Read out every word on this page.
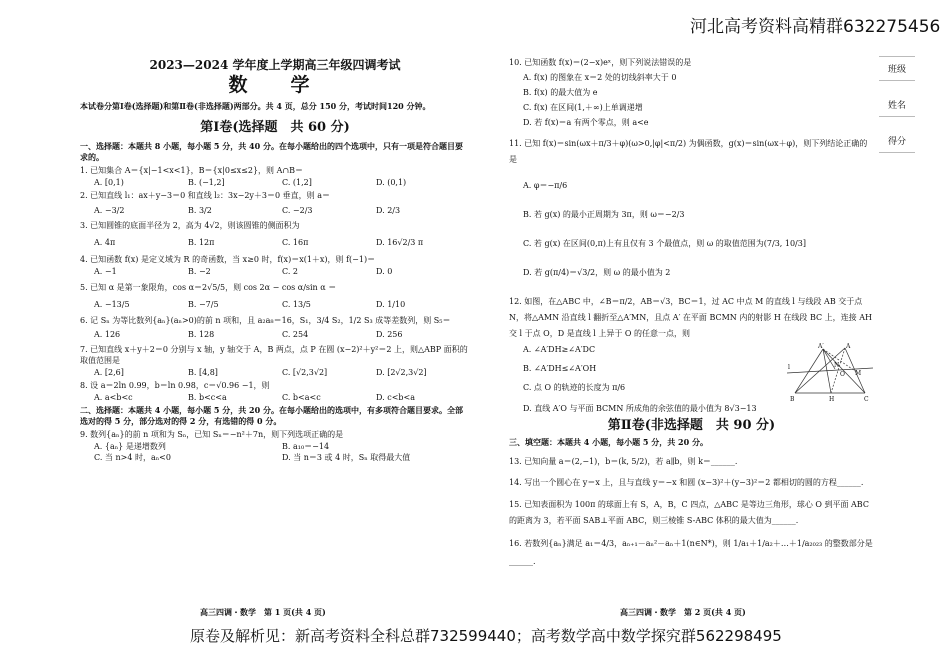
河北高考资料高精群632275456
2023—2024 学年度上学期高三年级四调考试
数　学
本试卷分第Ⅰ卷(选择题)和第Ⅱ卷(非选择题)两部分。共 4 页，总分 150 分，考试时间120 分钟。
第Ⅰ卷(选择题　共 60 分)
一、选择题：本题共 8 小题，每小题 5 分，共 40 分。在每小题给出的四个选项中，只有一项是符合题目要求的。
1. 已知集合 A＝{x|−1<x<1}，B＝{x|0≤x≤2}，则 A∩B＝
A. [0,1)	B. (−1,2]	C. (1,2]	D. (0,1)
2. 已知直线 l₁：ax＋y−3＝0 和直线 l₂：3x−2y＋3＝0 垂直，则 a＝
A. −3/2	B. 3/2	C. −2/3	D. 2/3
3. 已知圆锥的底面半径为 2，高为 4√2，则该圆锥的侧面积为
A. 4π	B. 12π	C. 16π	D. 16√2/3 π
4. 已知函数 f(x) 是定义域为 R 的奇函数，当 x≥0 时，f(x)＝x(1＋x)，则 f(−1)＝
A. −1	B. −2	C. 2	D. 0
5. 已知 α 是第一象限角，cos α＝2√5/5，则 cos 2α − cos α/sin α ＝
A. −13/5	B. −7/5	C. 13/5	D. 1/10
6. 记 Sₙ 为等比数列{aₙ}(aₙ>0)的前 n 项和，且 a₂a₈＝16，S₁，3/4 S₂，1/2 S₃ 成等差数列，则 S₅＝
A. 126	B. 128	C. 254	D. 256
7. 已知直线 x＋y＋2＝0 分别与 x 轴，y 轴交于 A，B 两点，点 P 在圆 (x−2)²＋y²＝2 上，则△ABP 面积的取值范围是
A. [2,6]	B. [4,8]	C. [√2,3√2]	D. [2√2,3√2]
8. 设 a＝2ln 0.99，b＝ln 0.98，c＝√0.96 −1，则
A. a<b<c	B. b<c<a	C. b<a<c	D. c<b<a
二、选择题：本题共 4 小题，每小题 5 分，共 20 分。在每小题给出的选项中，有多项符合题目要求。全部选对的得 5 分，部分选对的得 2 分，有选错的得 0 分。
9. 数列{aₙ}的前 n 项和为 Sₙ，已知 Sₙ＝−n²＋7n，则下列选项正确的是
A. {aₙ} 是递增数列	B. a₁₀＝−14
C. 当 n>4 时，aₙ<0	D. 当 n＝3 或 4 时，Sₙ 取得最大值
高三四调・数学　第 1 页(共 4 页)
10. 已知函数 f(x)＝(2−x)eˣ，则下列说法错误的是
A. f(x) 的图象在 x＝2 处的切线斜率大于 0
B. f(x) 的最大值为 e
C. f(x) 在区间(1,＋∞)上单调递增
D. 若 f(x)＝a 有两个零点，则 a<e
11. 已知 f(x)＝sin(ωx＋π/3＋φ)(ω>0,|φ|<π/2) 为偶函数，g(x)＝sin(ωx＋φ)，则下列结论正确的是
A. φ＝−π/6
B. 若 g(x) 的最小正周期为 3π，则 ω＝−2/3
C. 若 g(x) 在区间(0,π)上有且仅有 3 个最值点，则 ω 的取值范围为(7/3, 10/3]
D. 若 g(π/4)＝√3/2，则 ω 的最小值为 2
12. 如图，在△ABC 中，∠B＝π/2，AB＝√3，BC＝1，过 AC 中点 M 的直线 l 与线段 AB 交于点 N，将△AMN 沿直线 l 翻折至△A′MN，且点 A′ 在平面 BCMN 内的射影 H 在线段 BC 上，连接 AH 交 l 于点 O，D 是直线 l 上异于 O 的任意一点，则
A. ∠A′DH≥∠A′DC
B. ∠A′DH≤∠A′OH
C. 点 O 的轨迹的长度为 π/6
D. 直线 A′O 与平面 BCMN 所成角的余弦值的最小值为 8√3−13
第Ⅱ卷(非选择题　共 90 分)
三、填空题：本题共 4 小题，每小题 5 分，共 20 分。
13. 已知向量 a＝(2,−1)，b＝(k, 5/2)，若 a∥b，则 k＝______.
14. 写出一个圆心在 y＝x 上，且与直线 y＝−x 和圆 (x−3)²＋(y−3)²＝2 都相切的圆的方程______.
15. 已知表面积为 100π 的球面上有 S，A，B，C 四点，△ABC 是等边三角形，球心 O 到平面 ABC 的距离为 3，若平面 SAB⊥平面 ABC，则三棱锥 S-ABC 体积的最大值为______.
16. 若数列{aₙ}满足 a₁＝4/3，aₙ₊₁－aₙ²－aₙ＋1(n∈N*)，则 1/a₁＋1/a₂＋…＋1/a₂₀₂₃ 的整数部分是______.
高三四调・数学　第 2 页(共 4 页)
A′	A
N
O M
l
H
B	C
班级
姓名
得分
原卷及解析见：新高考资料全科总群732599440；高考数学高中数学探究群562298495
